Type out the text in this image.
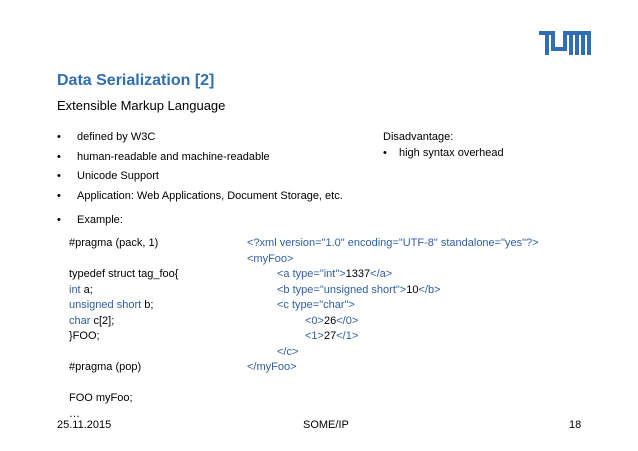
Data Serialization [2]
Extensible Markup Language
• defined by W3C
• human-readable and machine-readable
• Unicode Support
• Application: Web Applications, Document Storage, etc.
Disadvantage:
• high syntax overhead
• Example:
#pragma (pack, 1)
typedef struct tag_foo{
int a;
unsigned short b;
char c[2];
}FOO;
#pragma (pop)
FOO myFoo;
…
<?xml version="1.0" encoding="UTF-8" standalone="yes"?>
<myFoo>
<a type="int">1337</a>
<b type="unsigned short">10</b>
<c type="char">
<0>26</0>
<1>27</1>
</c>
</myFoo>
25.11.2015	SOME/IP	18
